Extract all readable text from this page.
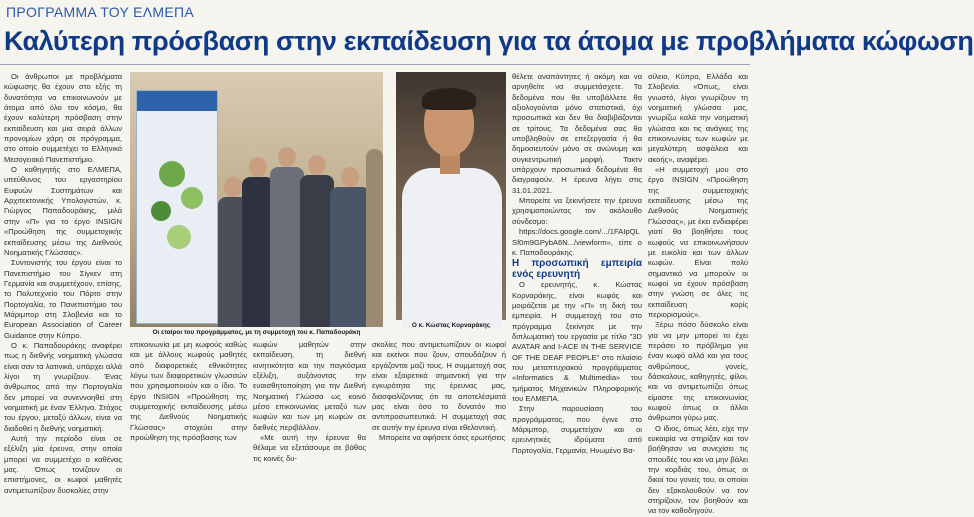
ΠΡΟΓΡΑΜΜΑ ΤΟΥ ΕΛΜΕΠΑ
Καλύτερη πρόσβαση στην εκπαίδευση για τα άτομα με προβλήματα κώφωση

Οι άνθρωποι με προβλήματα κώφωσης θα έχουν στο εξής τη δυνατότητα να επικοινωνούν με άτομα από όλο τον κόσμο, θα έχουν καλύτερη πρόσβαση στην εκπαίδευση και μια σειρά άλλων προνομίων χάρη σε πρόγραμμα, στο οποίο συμμετέχει το Ελληνικό Μεσογειακό Πανεπιστήμιο.

Ο καθηγητής στο ΕΛΜΕΠΑ, υπεύθυνος του εργαστηρίου Ευφυών Συστημάτων και Αρχιτεκτονικής Υπολογιστών, κ. Γιώργος Παπαδουράκης, μιλά στην «Π» για το έργο INSIGN «Προώθηση της συμμετοχικής εκπαίδευσης μέσω της Διεθνούς Νοηματικής Γλώσσας».

Συντονιστής του έργου είναι το Πανεπιστήμιο του Σίγκεν στη Γερμανία και συμμετέχουν, επίσης, το Πολυτεχνείο του Πόρτο στην Πορτογαλία, το Πανεπιστήμιο του Μάριμπορ στη Σλοβενία και το European Association of Career Guidance στην Κύπρο.

Ο κ. Παπαδουράκης αναφέρει πως η διεθνής νοηματική γλώσσα είναι σαν τα λατινικά, υπάρχει αλλά λίγοι τη γνωρίζουν. Ένας άνθρωπος από την Πορτογαλία δεν μπορεί να συνεννοηθεί στη νοηματική με έναν Έλληνα. Στόχος του έργου, μεταξύ άλλων, είναι να διαδοθεί η διεθνής νοηματική.

Αυτή την περίοδο είναι σε εξέλιξη μία έρευνα, στην οποία μπορεί να συμμετέχει ο καθένας μας. Όπως τονίζουν οι επιστήμονες, οι κωφοί μαθητές αντιμετωπίζουν δυσκολίες στην

Οι εταίροι του προγράμματος, με τη συμμετοχή του κ. Παπαδουράκη
Ο κ. Κώστας Κορναράκης

επικοινωνία με μη κωφούς καθώς και με άλλους κωφούς μαθητές από διαφορετικές εθνικότητες λόγω των διαφορετικών γλωσσών που χρησιμοποιούν και ο ίδιο. Το έργο INSIGN «Προώθηση της συμμετοχικής εκπαίδευσης μέσω της Διεθνούς Νοηματικής Γλώσσας» στοχεύει στην προώθηση της πρόσβασης των

κωφών μαθητών στην εκπαίδευση, τη διεθνή κινητικότητα και την παγκόσμια εξέλιξη, αυξάνοντας την ευαισθητοποίηση για την Διεθνή Νοηματική Γλώσσα ως κοινό μέσο επικοινωνίας μεταξύ των κωφών και των μη κωφών σε διεθνές περιβάλλον.

«Με αυτή την έρευνα θα θέλαμε να εξετάσουμε σε βάθος τις κοινές δυ-

σκολίες που αντιμετωπίζουν οι κωφοί και εκείνοι που ζουν, σπουδάζουν ή εργάζονται μαζί τους. Η συμμετοχή σας είναι εξαιρετικά σημαντική για την εγκυρότητα της έρευνας μας, διασφαλίζοντας ότι τα αποτελέσματά μας είναι όσο το δυνατόν πιο αντιπροσωπευτικά. Η συμμετοχή σας σε αυτήν την έρευνα είναι εθελοντική.

Μπορείτε να αφήσετε όσες ερωτήσεις

θέλετε αναπάντητες ή ακόμη και να αρνηθείτε να συμμετάσχετε. Τα δεδομένα που θα υποβάλλετε θα αξιολογούνται μόνο στατιστικά, όχι προσωπικά και δεν θα διαβιβάζονται σε τρίτους. Τα δεδομένα σας θα υποβληθούν σε επεξεργασία ή θα δημοσιευτούν μόνο σε ανώνυμη και συγκεντρωτική μορφή. Τακτν υπάρχουν προσωπικά δεδομένα θα διαγραφούν. Η έρευνα λήγει στις 31.01.2021.

Μπορείτε να ξεκινήσετε την έρευνα χρησιμοποιώντας τον ακόλουθο σύνδεσμο:

https://docs.google.com/.../1FAIpQLSf0m9GPybA6N.../viewform», είπε ο κ. Παπαδουράκης.

Η προσωπική εμπειρία ενός ερευνητή

Ο ερευνητής, κ. Κώστας Κορναράκης, είναι κωφός και μοιράζεται με την «Π» τη δική του εμπειρία. Η συμμετοχή του στο πρόγραμμα ξεκίνησε με την διπλωματική του εργασία με τίτλο "3D AVATAR and I-ACE IN THE SERVICE OF THE DEAF PEOPLE" στο πλαίσιο του μεταπτυχιακού προγράμματος «Informatics & Multimedia» του τμήματος Μηχανικών Πληροφορικής του ΕΛΜΕΠΑ.

Στην παρουσίαση του προγράμματος, που έγινε στο Μάριμπορ, συμμετείχαν και οι ερευνητικές ιδρύματα από Πορτογαλία, Γερμανία, Ηνωμένο Βα-

σίλειο, Κύπρο, Ελλάδα και Σλοβενία. «Όπως, είναι γνωστό, λίγοι γνωρίζουν τη νοηματική γλώσσα μας, γνωρίζω καλά την νοηματική γλώσσα και τις ανάγκες της επικοινωνίας των κωφών με μεγαλύτερη ασφάλεια και ακοής», αναφέρει.

«Η συμμετοχή μου στο έργο INSIGN «Προώθηση της συμμετοχικής εκπαίδευσης μέσω της Διεθνούς Νοηματικής Γλώσσας», με έκει ενδιαφέρει γιατί θα βοηθήσει τους κωφούς να επικοινωνήσουν με ευκολία και των άλλων κωφών. Είναι πολύ σημαντικό να μπορούν οι κωφοί να έχουν πρόσβαση στην γνώση σε όλες τις εκπαίδευση κορίς περιορισμούς».

Ξέρω πόσο δύσκολο είναι για να μην μπορεί το έχει περάσει το πρόβλημα για έναν κωφό αλλά και για τους ανθρώπους, γονείς, δάσκαλους, καθηγητές, φίλοι, και να αντιμετωπίζει όπως είμαστε της επικοινωνίας κωφού όπως οι άλλοι άνθρωποι γύρω μας.

Ο ίδιος, όπως λέει, είχε την ευκαιρία να στηρίζαν και τον βοήθησαν να συνεχίσει τις σπουδές του και να μην βάλει την κορδιάς του, όπως οι δικοί του γονείς του, οι οποίοι δεν εξακολουθούν να τον στηρίζουν, τον βοηθούν και να τον καθοδηγούν.
